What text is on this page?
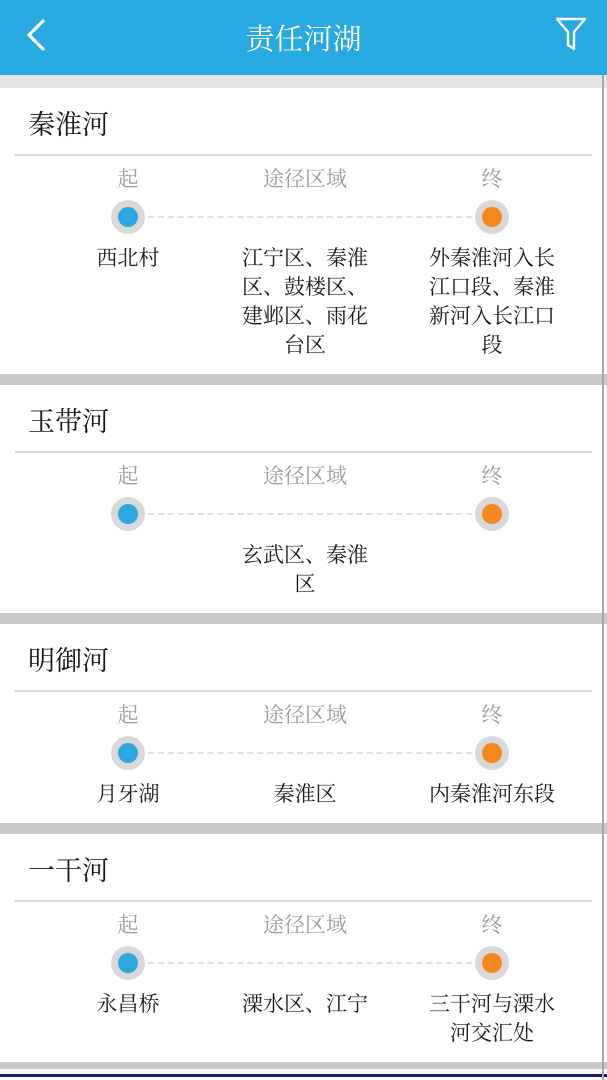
责任河湖
秦淮河
起
西北村
途径区域
江宁区、秦淮区、鼓楼区、建邺区、雨花台区
终
外秦淮河入长江口段、秦淮新河入长江口段
玉带河
起	途径区域
玄武区、秦淮区
终
明御河
起
月牙湖
途径区域
秦淮区
终
内秦淮河东段
一干河
起
永昌桥
途径区域
溧水区、江宁
终
三干河与溧水河交汇处
